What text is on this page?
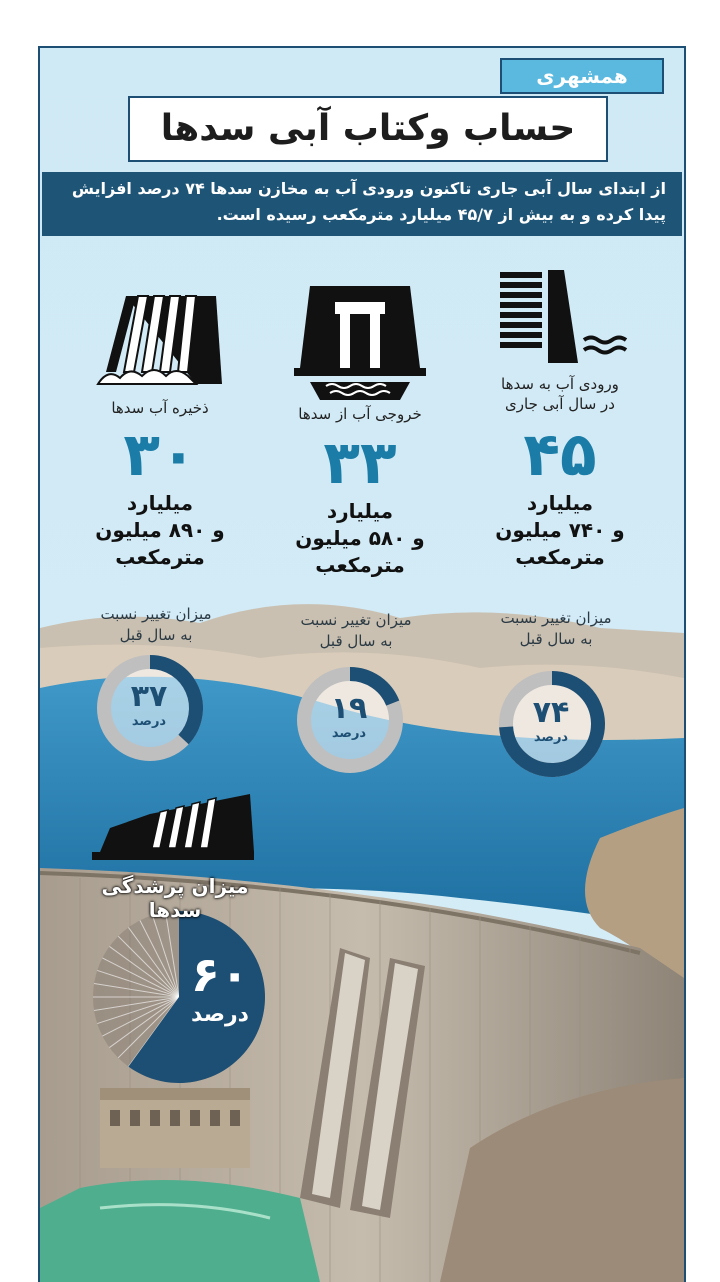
همشهری
حساب وکتاب آبی سدها
از ابتدای سال آبی جاری تاکنون ورودی آب به مخازن سدها ۷۴ درصد افزایش پیدا کرده و به بیش از ۴۵/۷ میلیارد مترمکعب رسیده است.
ورودی آب به سدها
در سال آبی جاری
۴۵
میلیارد
و ۷۴۰ میلیون
مترمکعب
خروجی آب از سدها
۳۳
میلیارد
و ۵۸۰ میلیون
مترمکعب
ذخیره آب سدها
۳۰
میلیارد
و ۸۹۰ میلیون
مترمکعب
میزان تغییر نسبت
به سال قبل
میزان تغییر نسبت
به سال قبل
میزان تغییر نسبت
به سال قبل
۷۴
درصد
۱۹
درصد
۳۷
درصد
میزان پرشدگی سدها
۶۰
درصد
